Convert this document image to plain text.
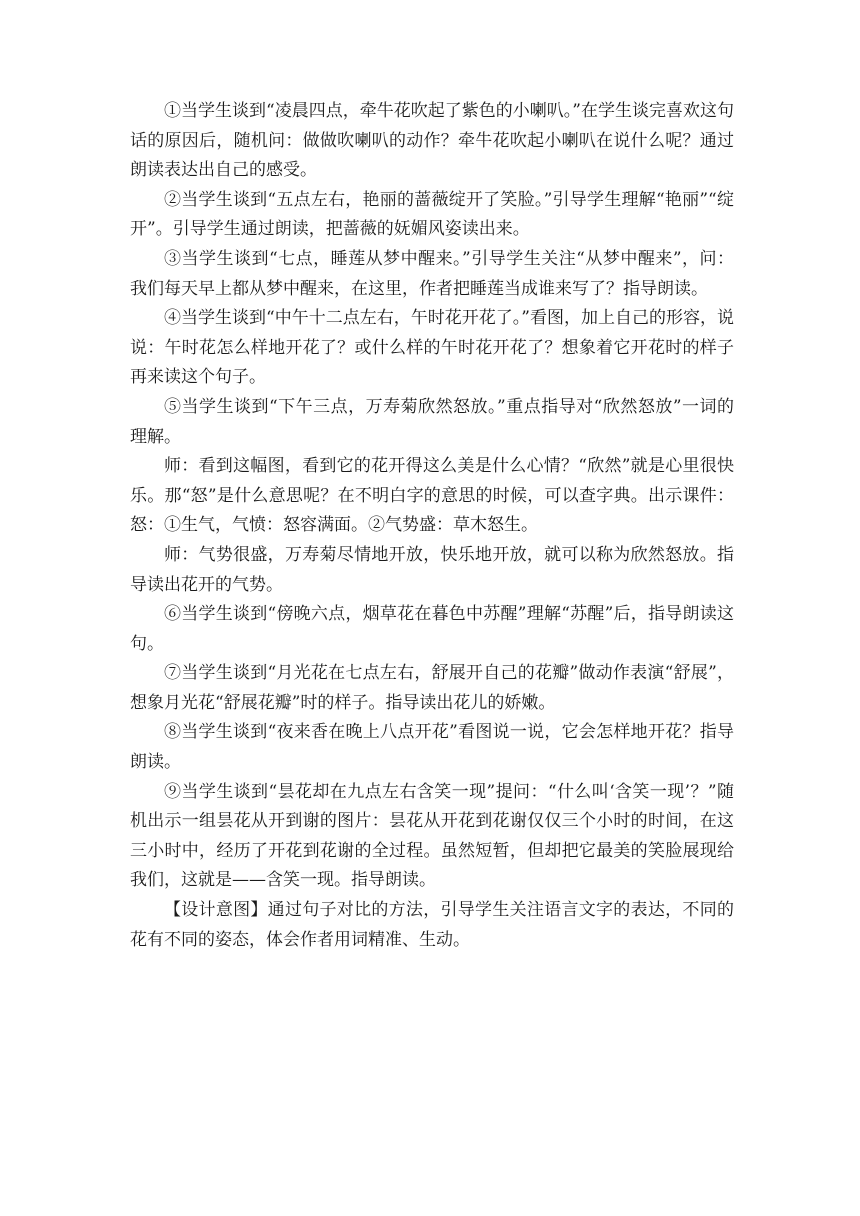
①当学生谈到“凌晨四点，牵牛花吹起了紫色的小喇叭。”在学生谈完喜欢这句话的原因后，随机问：做做吹喇叭的动作？牵牛花吹起小喇叭在说什么呢？通过朗读表达出自己的感受。

②当学生谈到“五点左右，艳丽的蔷薇绽开了笑脸。”引导学生理解“艳丽”“绽开”。引导学生通过朗读，把蔷薇的妩媚风姿读出来。

③当学生谈到“七点，睡莲从梦中醒来。”引导学生关注“从梦中醒来”，问：我们每天早上都从梦中醒来，在这里，作者把睡莲当成谁来写了？指导朗读。

④当学生谈到“中午十二点左右，午时花开花了。”看图，加上自己的形容，说说：午时花怎么样地开花了？或什么样的午时花开花了？想象着它开花时的样子再来读这个句子。

⑤当学生谈到“下午三点，万寿菊欣然怒放。”重点指导对“欣然怒放”一词的理解。

师：看到这幅图，看到它的花开得这么美是什么心情？“欣然”就是心里很快乐。那“怒”是什么意思呢？在不明白字的意思的时候，可以查字典。出示课件：怒：①生气，气愤：怒容满面。②气势盛：草木怒生。

师：气势很盛，万寿菊尽情地开放，快乐地开放，就可以称为欣然怒放。指导读出花开的气势。

⑥当学生谈到“傍晚六点，烟草花在暮色中苏醒”理解“苏醒”后，指导朗读这句。

⑦当学生谈到“月光花在七点左右，舒展开自己的花瓣”做动作表演“舒展”，想象月光花“舒展花瓣”时的样子。指导读出花儿的娇嫩。

⑧当学生谈到“夜来香在晚上八点开花”看图说一说，它会怎样地开花？指导朗读。

⑨当学生谈到“昙花却在九点左右含笑一现”提问：“什么叫‘含笑一现’？”随机出示一组昙花从开到谢的图片：昙花从开花到花谢仅仅三个小时的时间，在这三小时中，经历了开花到花谢的全过程。虽然短暂，但却把它最美的笑脸展现给我们，这就是——含笑一现。指导朗读。

【设计意图】通过句子对比的方法，引导学生关注语言文字的表达，不同的花有不同的姿态，体会作者用词精准、生动。
